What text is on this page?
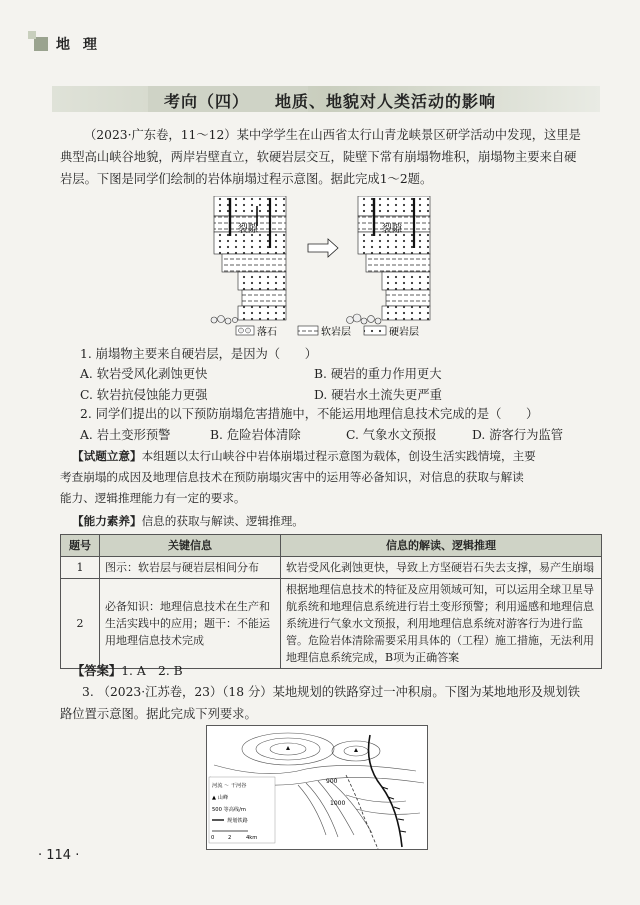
地 理
考向（四） 地质、地貌对人类活动的影响
（2023·广东卷，11～12）某中学学生在山西省太行山青龙峡景区研学活动中发现，这里是
典型高山峡谷地貌，两岸岩壁直立，软硬岩层交互，陡壁下常有崩塌物堆积，崩塌物主要来自硬
岩层。下图是同学们绘制的岩体崩塌过程示意图。据此完成1～2题。
裂隙	裂隙
落石	软岩层	硬岩层
1. 崩塌物主要来自硬岩层，是因为（　　）
A. 软岩受风化剥蚀更快	B. 硬岩的重力作用更大
C. 软岩抗侵蚀能力更强	D. 硬岩水土流失更严重
2. 同学们提出的以下预防崩塌危害措施中，不能运用地理信息技术完成的是（　　）
A. 岩土变形预警	B. 危险岩体清除	C. 气象水文预报	D. 游客行为监管
【试题立意】本组题以太行山峡谷中岩体崩塌过程示意图为载体，创设生活实践情境，主要
考查崩塌的成因及地理信息技术在预防崩塌灾害中的运用等必备知识，对信息的获取与解读
能力、逻辑推理能力有一定的要求。
【能力素养】信息的获取与解读、逻辑推理。
题号	关键信息	信息的解读、逻辑推理
1	图示：软岩层与硬岩层相间分布	软岩受风化剥蚀更快，导致上方坚硬岩石失去支撑，易产生崩塌
2	必备知识：地理信息技术在生产和生活实践中的应用；题干：不能运用地理信息技术完成	根据地理信息技术的特征及应用领域可知，可以运用全球卫星导航系统和地理信息系统进行岩土变形预警；利用遥感和地理信息系统进行气象水文预报，利用地理信息系统对游客行为进行监管。危险岩体清除需要采用具体的（工程）施工措施，无法利用地理信息系统完成，B项为正确答案
【答案】1. A　2. B
3. （2023·江苏卷，23）（18 分）某地规划的铁路穿过一冲积扇。下图为某地地形及规划铁
路位置示意图。据此完成下列要求。
900
1000
河流 ～ 干河谷
▲ 山峰
500 等高线/m
规划铁路
0	2	4km
· 114 ·
